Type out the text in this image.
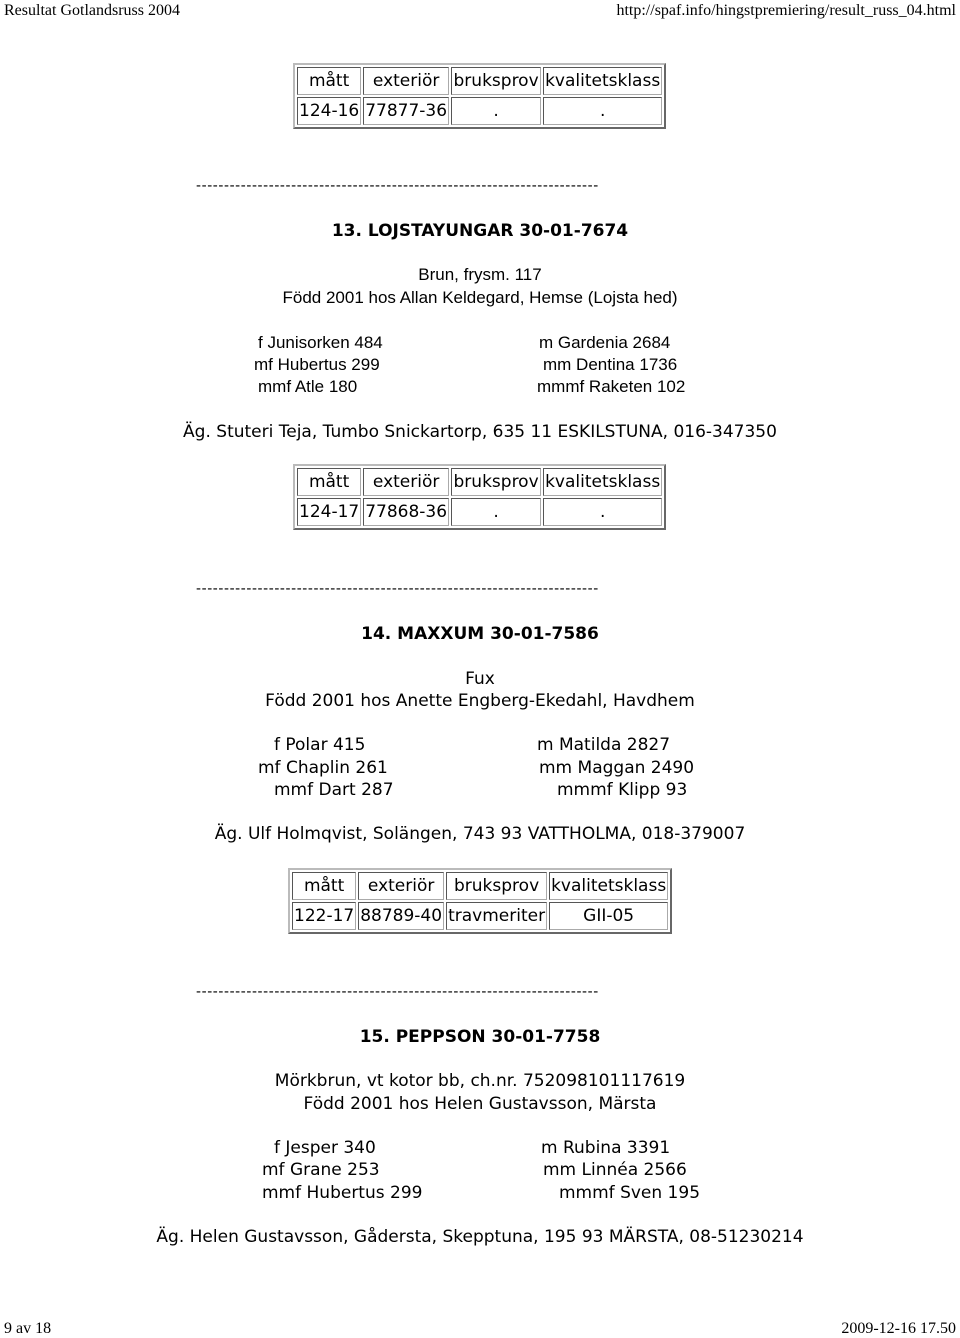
Resultat Gotlandsruss 2004	http://spaf.info/hingstpremiering/result_russ_04.html
mått	exteriör	bruksprov	kvalitetsklass
124-16	77877-36	.	.
------------------------------------------------------------------------
13. LOJSTAYUNGAR 30-01-7674
Brun, frysm. 117
Född 2001 hos Allan Keldegard, Hemse (Lojsta hed)
f Junisorken 484	m Gardenia 2684
mf Hubertus 299	mm Dentina 1736
mmf Atle 180	mmmf Raketen 102
Äg. Stuteri Teja, Tumbo Snickartorp, 635 11 ESKILSTUNA, 016-347350
mått	exteriör	bruksprov	kvalitetsklass
124-17	77868-36	.	.
------------------------------------------------------------------------
14. MAXXUM 30-01-7586
Fux
Född 2001 hos Anette Engberg-Ekedahl, Havdhem
f Polar 415	m Matilda 2827
mf Chaplin 261	mm Maggan 2490
mmf Dart 287	mmmf Klipp 93
Äg. Ulf Holmqvist, Solängen, 743 93 VATTHOLMA, 018-379007
mått	exteriör	bruksprov	kvalitetsklass
122-17	88789-40	travmeriter	GII-05
------------------------------------------------------------------------
15. PEPPSON 30-01-7758
Mörkbrun, vt kotor bb, ch.nr. 752098101117619
Född 2001 hos Helen Gustavsson, Märsta
f Jesper 340	m Rubina 3391
mf Grane 253	mm Linnéa 2566
mmf Hubertus 299	mmmf Sven 195
Äg. Helen Gustavsson, Gådersta, Skepptuna, 195 93 MÄRSTA, 08-51230214
9 av 18	2009-12-16 17.50
